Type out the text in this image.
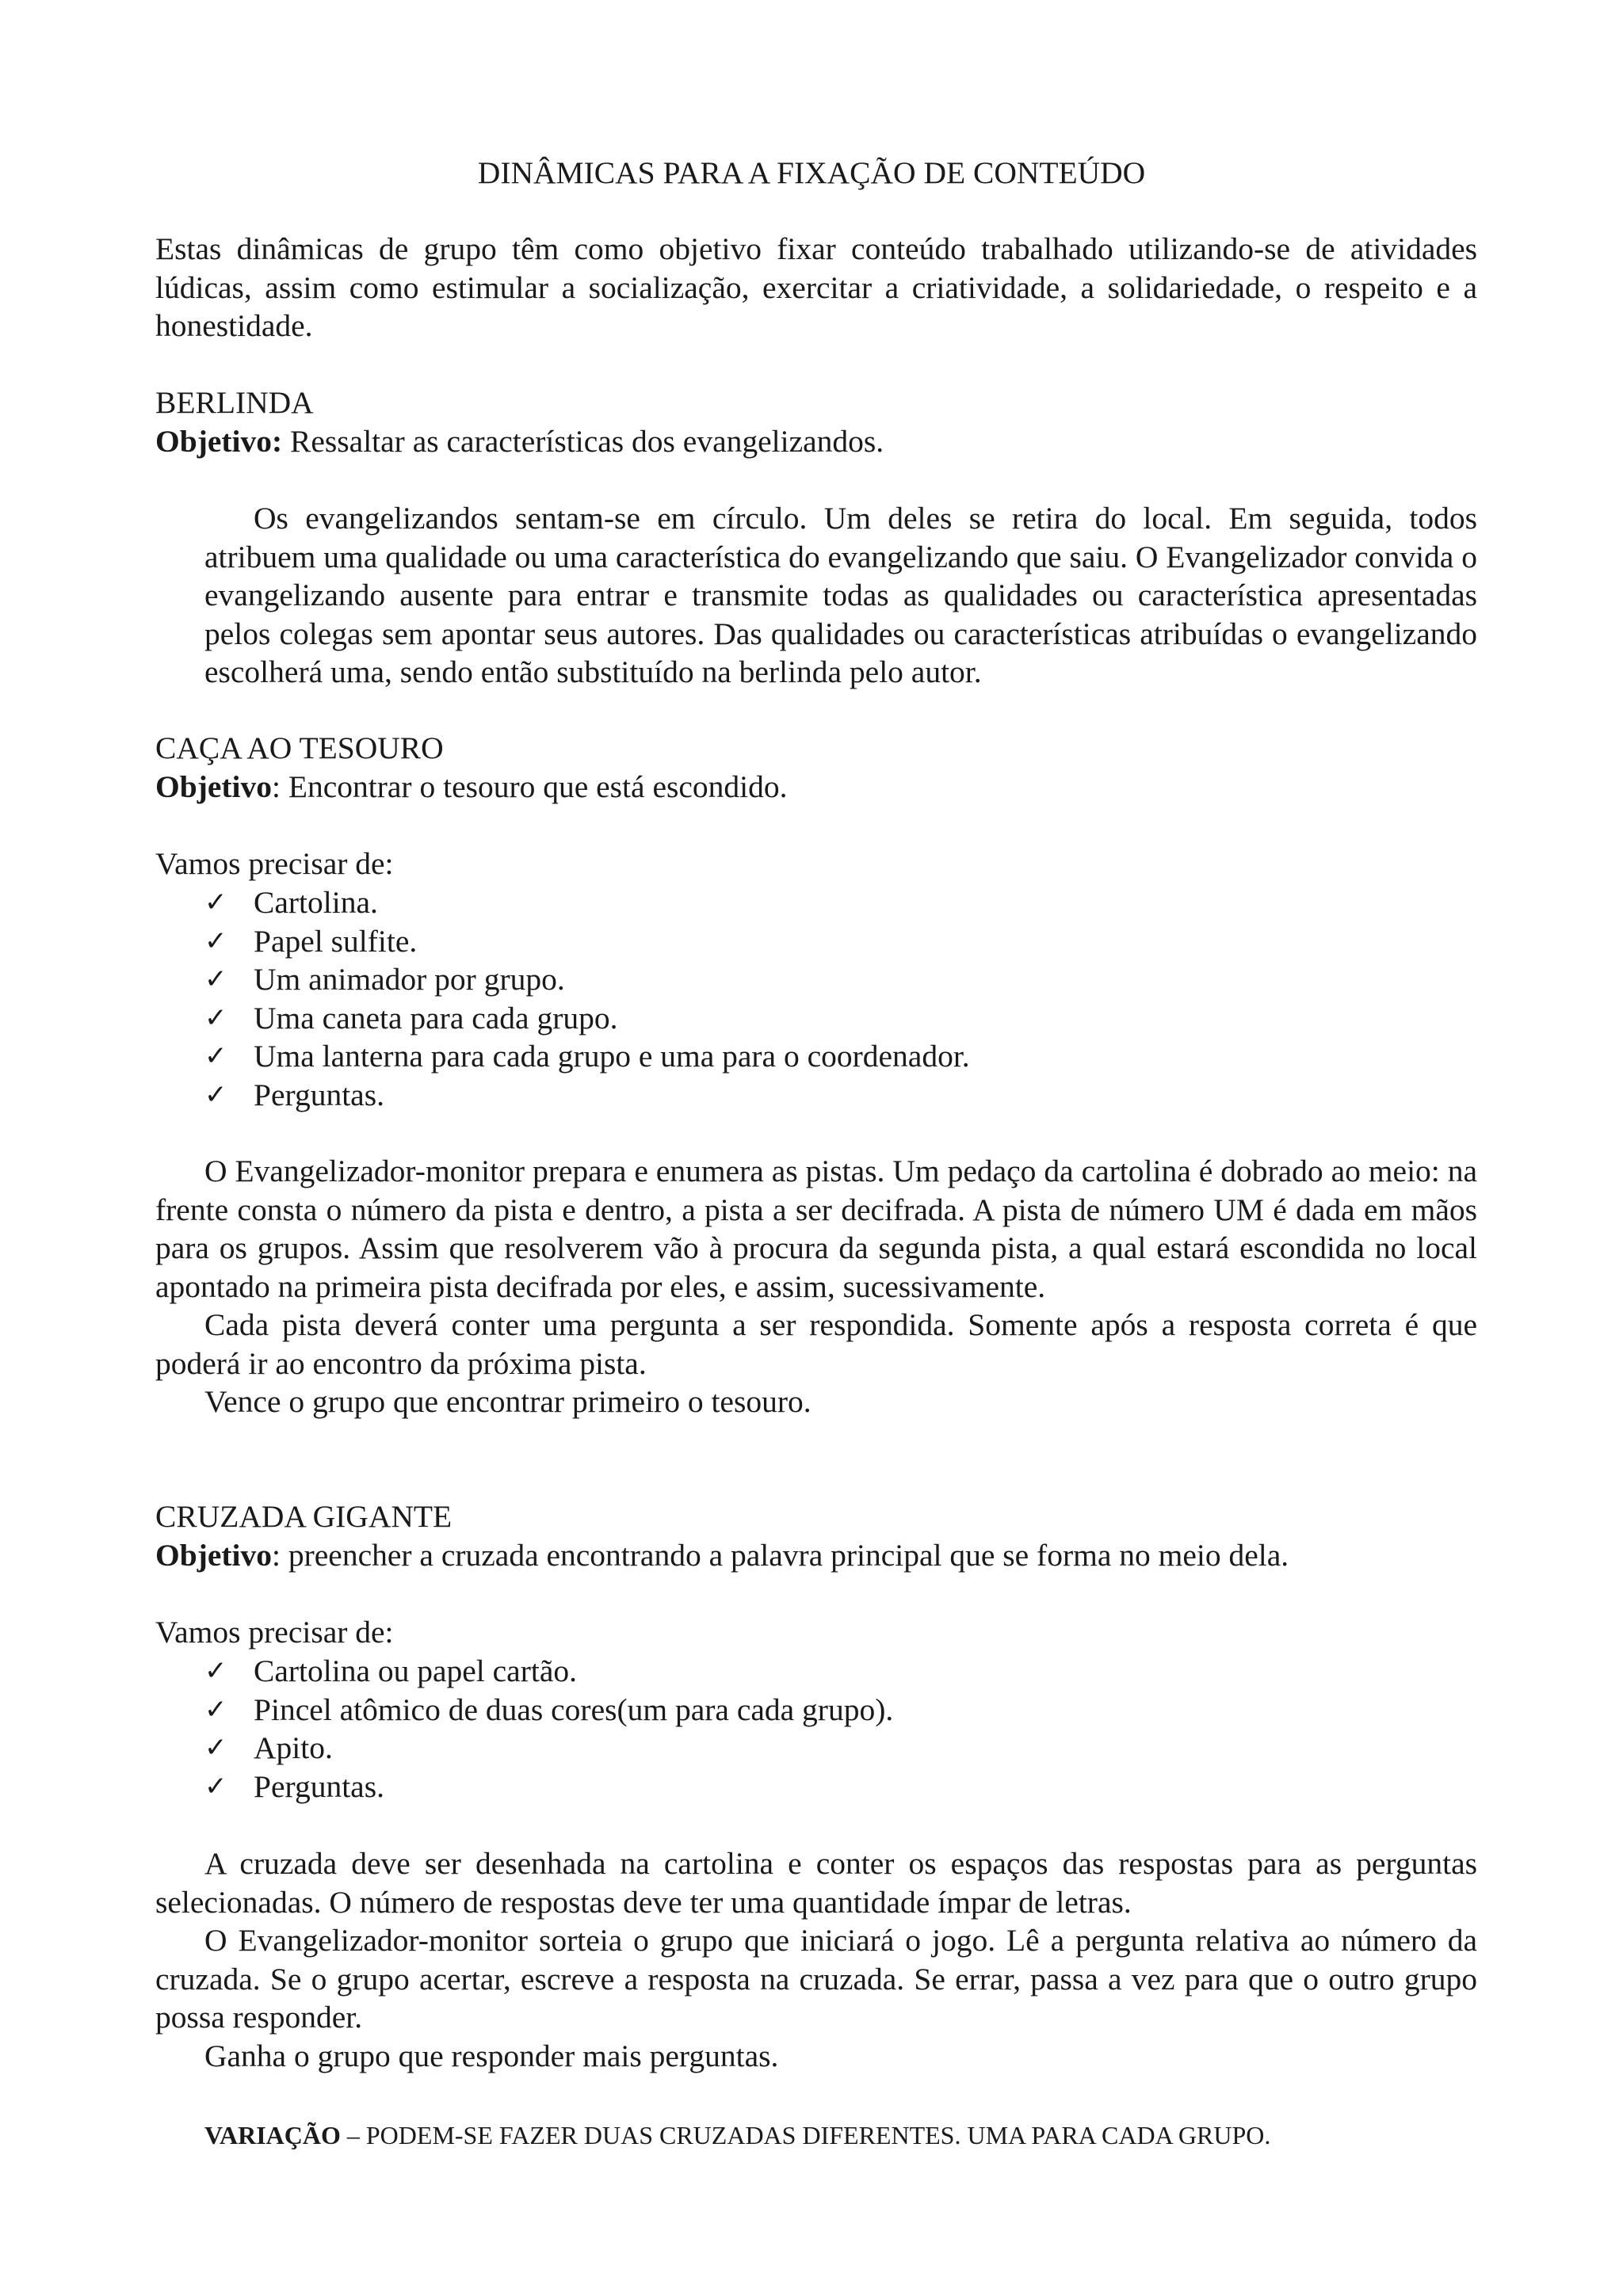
DINÂMICAS PARA A FIXAÇÃO DE CONTEÚDO

Estas dinâmicas de grupo têm como objetivo fixar conteúdo trabalhado utilizando-se de atividades lúdicas, assim como estimular a socialização, exercitar a criatividade, a solidariedade, o respeito e a honestidade.

BERLINDA

Objetivo: Ressaltar as características dos evangelizandos.

Os evangelizandos sentam-se em círculo. Um deles se retira do local. Em seguida, todos atribuem uma qualidade ou uma característica do evangelizando que saiu. O Evangelizador convida o evangelizando ausente para entrar e transmite todas as qualidades ou característica apresentadas pelos colegas sem apontar seus autores. Das qualidades ou características atribuídas o evangelizando escolherá uma, sendo então substituído na berlinda pelo autor.

CAÇA AO TESOURO

Objetivo: Encontrar o tesouro que está escondido.

Vamos precisar de:

✓ Cartolina.
✓ Papel sulfite.
✓ Um animador por grupo.
✓ Uma caneta para cada grupo.
✓ Uma lanterna para cada grupo e uma para o coordenador.
✓ Perguntas.

O Evangelizador-monitor prepara e enumera as pistas. Um pedaço da cartolina é dobrado ao meio: na frente consta o número da pista e dentro, a pista a ser decifrada. A pista de número UM é dada em mãos para os grupos. Assim que resolverem vão à procura da segunda pista, a qual estará escondida no local apontado na primeira pista decifrada por eles, e assim, sucessivamente.

Cada pista deverá conter uma pergunta a ser respondida. Somente após a resposta correta é que poderá ir ao encontro da próxima pista.

Vence o grupo que encontrar primeiro o tesouro.

CRUZADA GIGANTE

Objetivo: preencher a cruzada encontrando a palavra principal que se forma no meio dela.

Vamos precisar de:

✓ Cartolina ou papel cartão.
✓ Pincel atômico de duas cores(um para cada grupo).
✓ Apito.
✓ Perguntas.

A cruzada deve ser desenhada na cartolina e conter os espaços das respostas para as perguntas selecionadas. O número de respostas deve ter uma quantidade ímpar de letras.

O Evangelizador-monitor sorteia o grupo que iniciará o jogo. Lê a pergunta relativa ao número da cruzada. Se o grupo acertar, escreve a resposta na cruzada. Se errar, passa a vez para que o outro grupo possa responder.

Ganha o grupo que responder mais perguntas.

VARIAÇÃO – PODEM-SE FAZER DUAS CRUZADAS DIFERENTES. UMA PARA CADA GRUPO.
